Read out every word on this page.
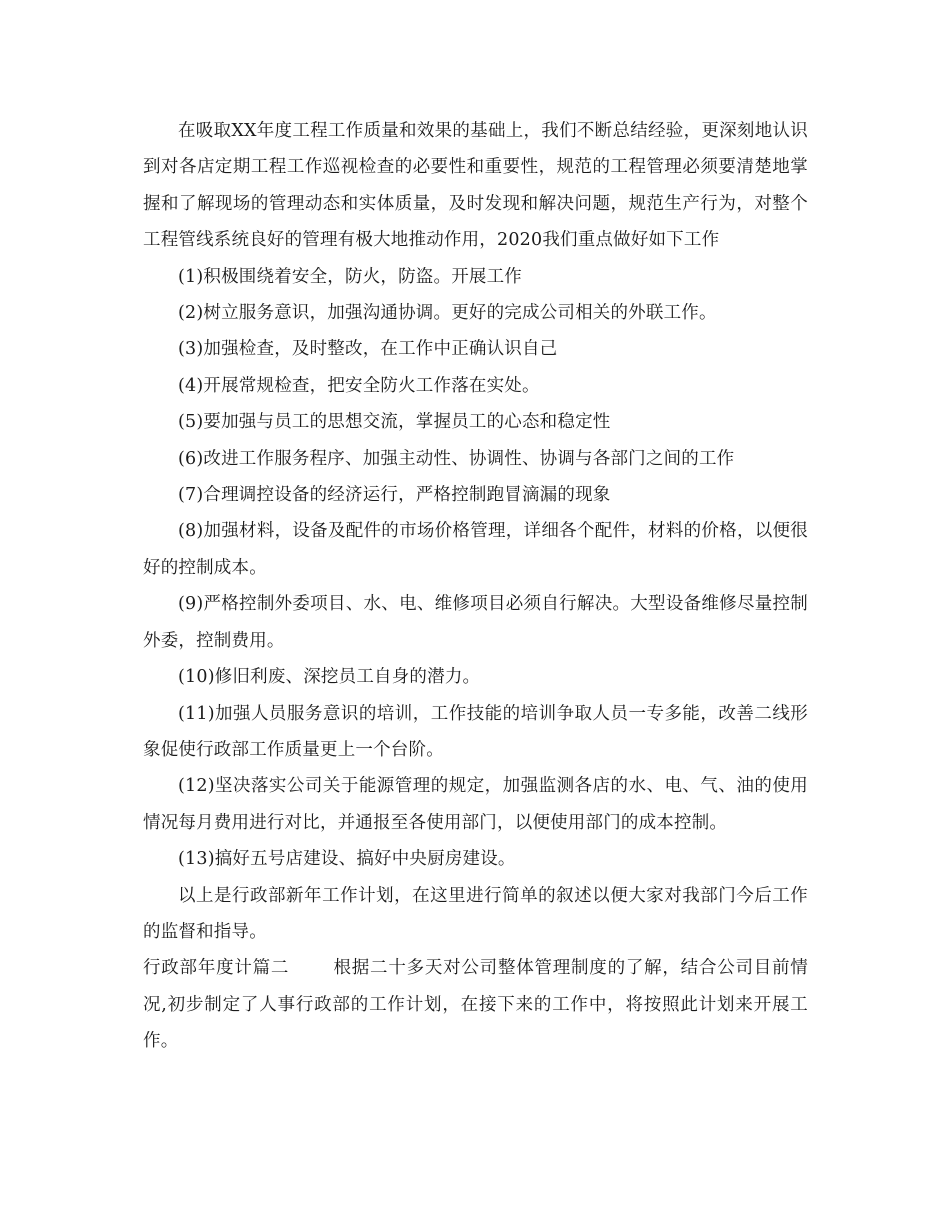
在吸取XX年度工程工作质量和效果的基础上，我们不断总结经验，更深刻地认识到对各店定期工程工作巡视检查的必要性和重要性，规范的工程管理必须要清楚地掌握和了解现场的管理动态和实体质量，及时发现和解决问题，规范生产行为，对整个工程管线系统良好的管理有极大地推动作用，2020我们重点做好如下工作

(1)积极围绕着安全，防火，防盗。开展工作

(2)树立服务意识，加强沟通协调。更好的完成公司相关的外联工作。

(3)加强检查，及时整改，在工作中正确认识自己

(4)开展常规检查，把安全防火工作落在实处。

(5)要加强与员工的思想交流，掌握员工的心态和稳定性

(6)改进工作服务程序、加强主动性、协调性、协调与各部门之间的工作

(7)合理调控设备的经济运行，严格控制跑冒滴漏的现象

(8)加强材料，设备及配件的市场价格管理，详细各个配件，材料的价格，以便很好的控制成本。

(9)严格控制外委项目、水、电、维修项目必须自行解决。大型设备维修尽量控制外委，控制费用。

(10)修旧利废、深挖员工自身的潜力。

(11)加强人员服务意识的培训，工作技能的培训争取人员一专多能，改善二线形象促使行政部工作质量更上一个台阶。

(12)坚决落实公司关于能源管理的规定，加强监测各店的水、电、气、油的使用情况每月费用进行对比，并通报至各使用部门，以便使用部门的成本控制。

(13)搞好五号店建设、搞好中央厨房建设。

以上是行政部新年工作计划，在这里进行简单的叙述以便大家对我部门今后工作的监督和指导。

行政部年度计篇二	根据二十多天对公司整体管理制度的了解，结合公司目前情况,初步制定了人事行政部的工作计划，在接下来的工作中，将按照此计划来开展工作。
